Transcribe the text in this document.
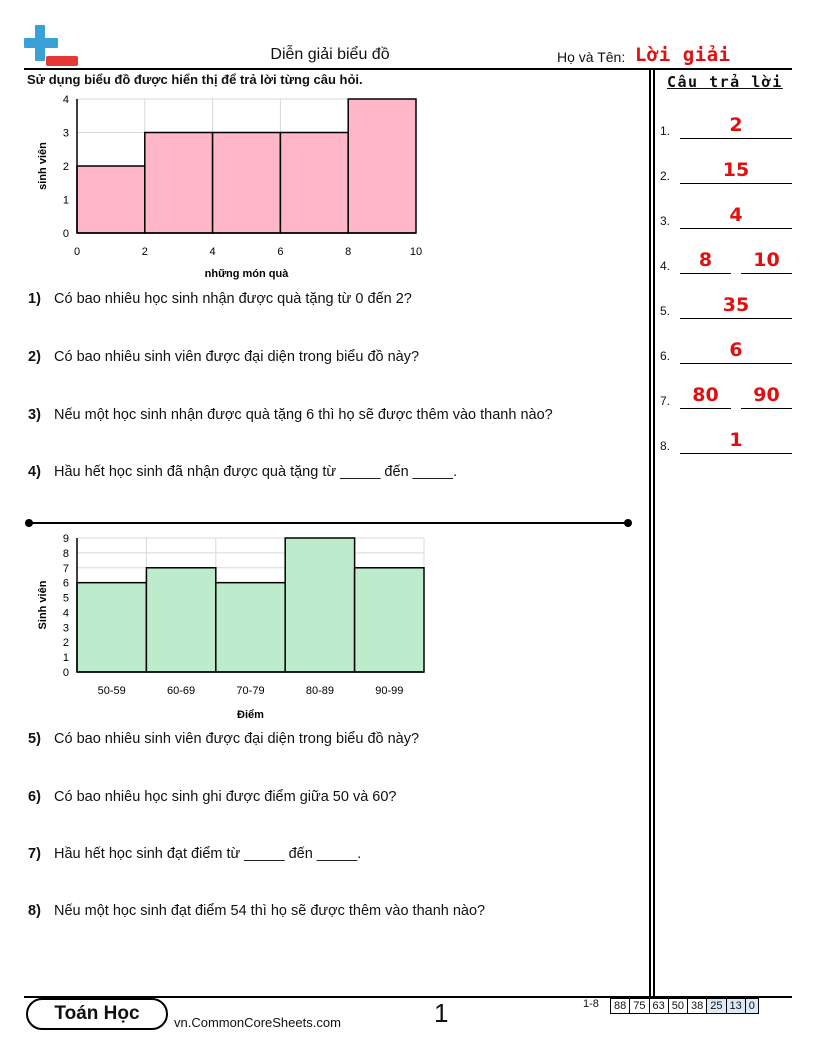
Diễn giải biểu đồ	Họ và Tên: Lời giải
Sử dụng biểu đồ được hiển thị để trả lời từng câu hỏi.	Câu trả lời
0
1
2
3
4
0	2	4	6	8	10
những món quà
sinh viên
1) Có bao nhiêu học sinh nhận được quà tặng từ 0 đến 2?
2) Có bao nhiêu sinh viên được đại diện trong biểu đồ này?
3) Nếu một học sinh nhận được quà tặng 6 thì họ sẽ được thêm vào thanh nào?
4) Hầu hết học sinh đã nhận được quà tặng từ _____ đến _____.
0
1
2
3
4
5
6
7
8
9
50-59	60-69	70-79	80-89	90-99
Điểm
Sinh viên
5) Có bao nhiêu sinh viên được đại diện trong biểu đồ này?
6) Có bao nhiêu học sinh ghi được điểm giữa 50 và 60?
7) Hầu hết học sinh đạt điểm từ _____ đến _____.
8) Nếu một học sinh đạt điểm 54 thì họ sẽ được thêm vào thanh nào?
1.	2
2.	15
3.	4
4.	8	10
5.	35
6.	6
7.	80	90
8.	1
Toán Học	vn.CommonCoreSheets.com	1	1-8	88 75 63 50 38 25 13 0
